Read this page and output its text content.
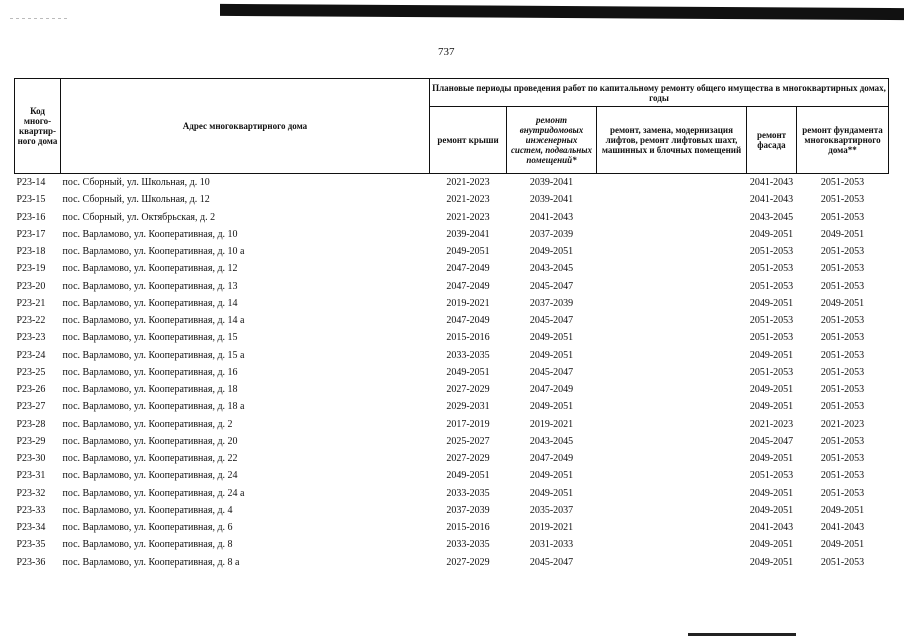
737
Код много-квартир-ного дома	Адрес многоквартирного дома	Плановые периоды проведения работ по капитальному ремонту общего имущества в многоквартирных домах, годы				
		ремонт крыши	ремонт внутридомовых инженерных систем, подвальных помещений*	ремонт, замена, модернизация лифтов, ремонт лифтовых шахт, машинных и блочных помещений	ремонт фасада	ремонт фундамента многоквартирного дома**
P23-14	пос. Сборный, ул. Школьная, д. 10	2021-2023	2039-2041		2041-2043	2051-2053
P23-15	пос. Сборный, ул. Школьная, д. 12	2021-2023	2039-2041		2041-2043	2051-2053
P23-16	пос. Сборный, ул. Октябрьская, д. 2	2021-2023	2041-2043		2043-2045	2051-2053
P23-17	пос. Варламово, ул. Кооперативная, д. 10	2039-2041	2037-2039		2049-2051	2049-2051
P23-18	пос. Варламово, ул. Кооперативная, д. 10 а	2049-2051	2049-2051		2051-2053	2051-2053
P23-19	пос. Варламово, ул. Кооперативная, д. 12	2047-2049	2043-2045		2051-2053	2051-2053
P23-20	пос. Варламово, ул. Кооперативная, д. 13	2047-2049	2045-2047		2051-2053	2051-2053
P23-21	пос. Варламово, ул. Кооперативная, д. 14	2019-2021	2037-2039		2049-2051	2049-2051
P23-22	пос. Варламово, ул. Кооперативная, д. 14 а	2047-2049	2045-2047		2051-2053	2051-2053
P23-23	пос. Варламово, ул. Кооперативная, д. 15	2015-2016	2049-2051		2051-2053	2051-2053
P23-24	пос. Варламово, ул. Кооперативная, д. 15 а	2033-2035	2049-2051		2049-2051	2051-2053
P23-25	пос. Варламово, ул. Кооперативная, д. 16	2049-2051	2045-2047		2051-2053	2051-2053
P23-26	пос. Варламово, ул. Кооперативная, д. 18	2027-2029	2047-2049		2049-2051	2051-2053
P23-27	пос. Варламово, ул. Кооперативная, д. 18 а	2029-2031	2049-2051		2049-2051	2051-2053
P23-28	пос. Варламово, ул. Кооперативная, д. 2	2017-2019	2019-2021		2021-2023	2021-2023
P23-29	пос. Варламово, ул. Кооперативная, д. 20	2025-2027	2043-2045		2045-2047	2051-2053
P23-30	пос. Варламово, ул. Кооперативная, д. 22	2027-2029	2047-2049		2049-2051	2051-2053
P23-31	пос. Варламово, ул. Кооперативная, д. 24	2049-2051	2049-2051		2051-2053	2051-2053
P23-32	пос. Варламово, ул. Кооперативная, д. 24 а	2033-2035	2049-2051		2049-2051	2051-2053
P23-33	пос. Варламово, ул. Кооперативная, д. 4	2037-2039	2035-2037		2049-2051	2049-2051
P23-34	пос. Варламово, ул. Кооперативная, д. 6	2015-2016	2019-2021		2041-2043	2041-2043
P23-35	пос. Варламово, ул. Кооперативная, д. 8	2033-2035	2031-2033		2049-2051	2049-2051
P23-36	пос. Варламово, ул. Кооперативная, д. 8 а	2027-2029	2045-2047		2049-2051	2051-2053
